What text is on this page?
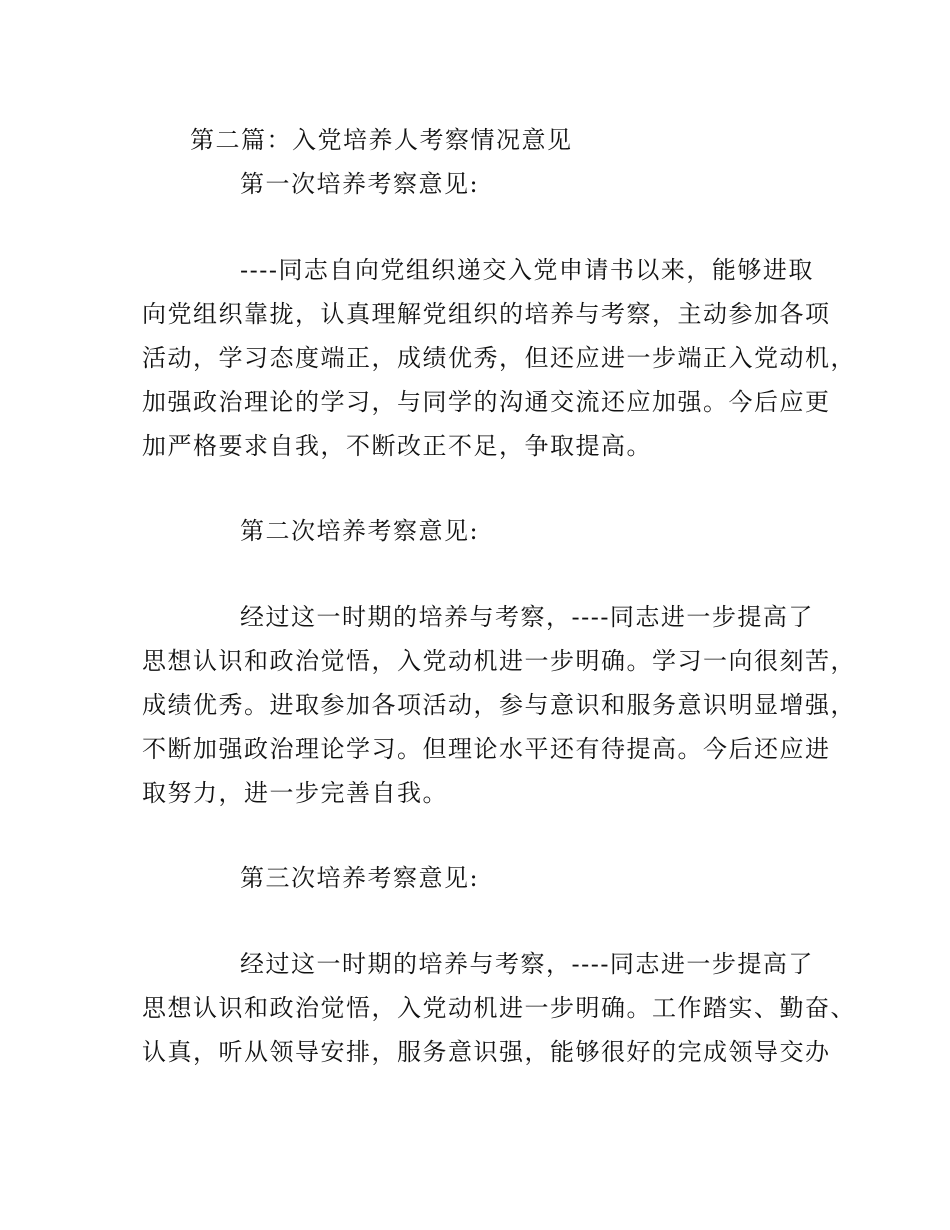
第二篇：入党培养人考察情况意见
第一次培养考察意见:
----同志自向党组织递交入党申请书以来，能够进取
向党组织靠拢，认真理解党组织的培养与考察，主动参加各项
活动，学习态度端正，成绩优秀，但还应进一步端正入党动机，
加强政治理论的学习，与同学的沟通交流还应加强。今后应更
加严格要求自我，不断改正不足，争取提高。
第二次培养考察意见:
经过这一时期的培养与考察，----同志进一步提高了
思想认识和政治觉悟，入党动机进一步明确。学习一向很刻苦，
成绩优秀。进取参加各项活动，参与意识和服务意识明显增强，
不断加强政治理论学习。但理论水平还有待提高。今后还应进
取努力，进一步完善自我。
第三次培养考察意见:
经过这一时期的培养与考察，----同志进一步提高了
思想认识和政治觉悟，入党动机进一步明确。工作踏实、勤奋、
认真，听从领导安排，服务意识强，能够很好的完成领导交办
